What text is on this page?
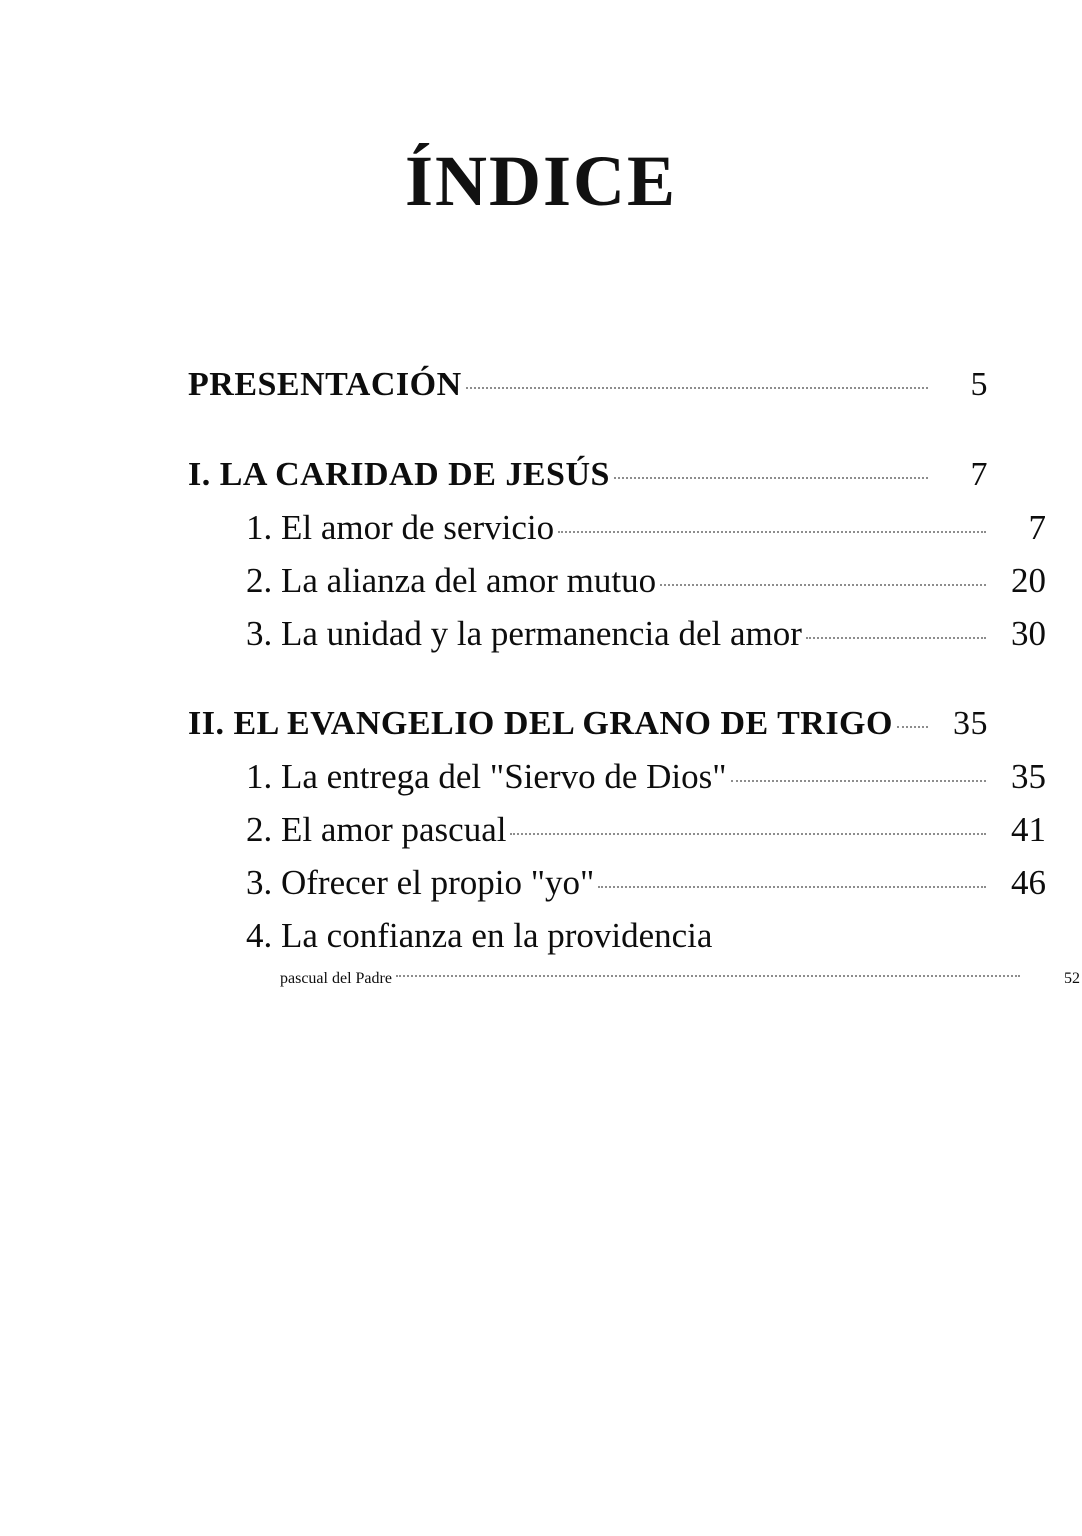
ÍNDICE
PRESENTACIÓN	5
I. LA CARIDAD DE JESÚS	7
1. El amor de servicio	7
2. La alianza del amor mutuo	20
3. La unidad y la permanencia del amor	30
II. EL EVANGELIO DEL GRANO DE TRIGO	35
1. La entrega del "Siervo de Dios"	35
2. El amor pascual	41
3. Ofrecer el propio "yo"	46
4. La confianza en la providencia
pascual del Padre	52
